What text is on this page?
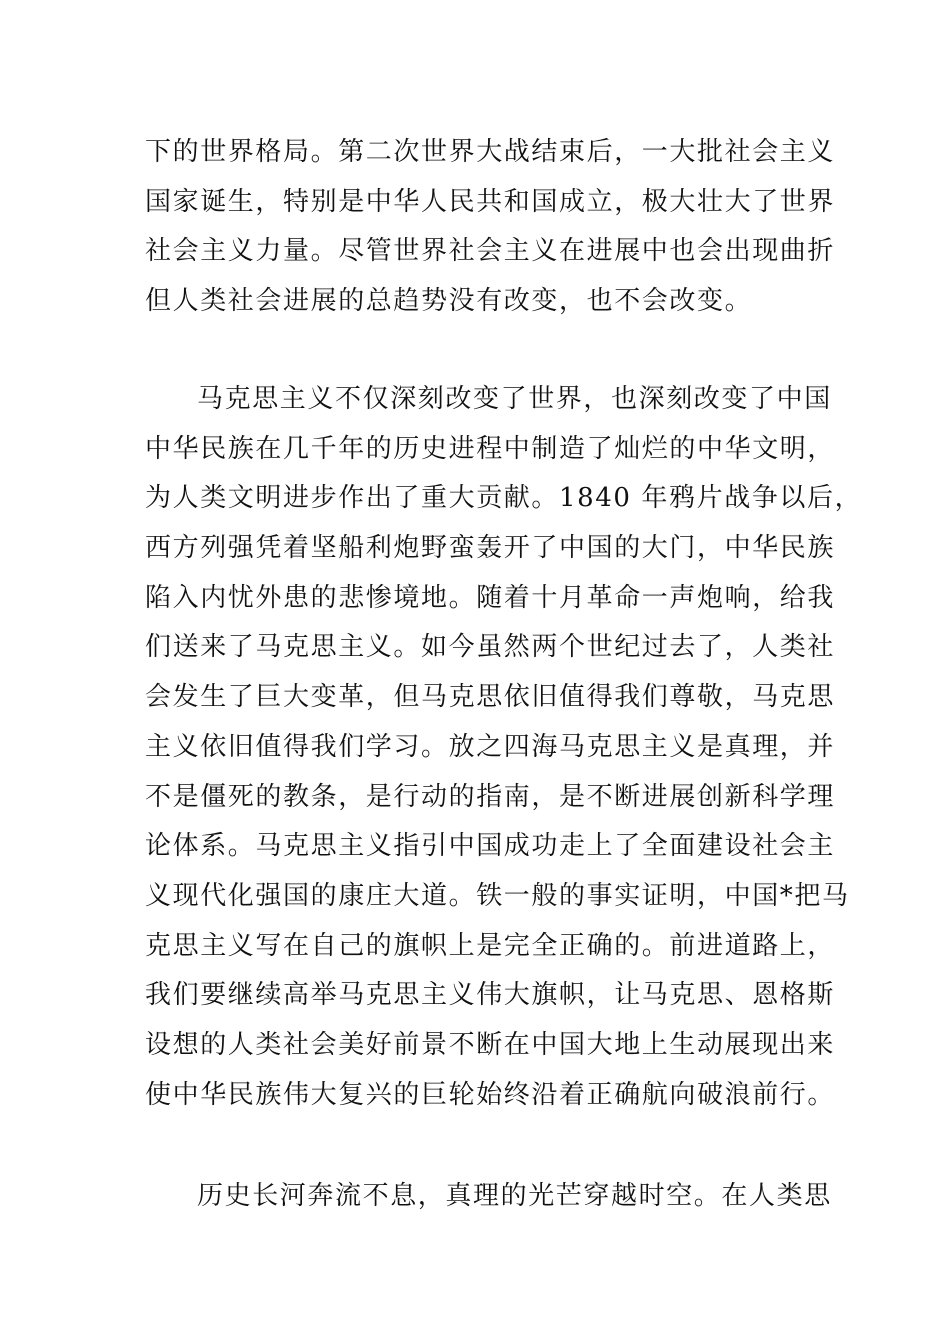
下的世界格局。第二次世界大战结束后，一大批社会主义
国家诞生，特别是中华人民共和国成立，极大壮大了世界
社会主义力量。尽管世界社会主义在进展中也会出现曲折
但人类社会进展的总趋势没有改变，也不会改变。
马克思主义不仅深刻改变了世界，也深刻改变了中国
中华民族在几千年的历史进程中制造了灿烂的中华文明，
为人类文明进步作出了重大贡献。1840 年鸦片战争以后，
西方列强凭着坚船利炮野蛮轰开了中国的大门，中华民族
陷入内忧外患的悲惨境地。随着十月革命一声炮响，给我
们送来了马克思主义。如今虽然两个世纪过去了，人类社
会发生了巨大变革，但马克思依旧值得我们尊敬，马克思
主义依旧值得我们学习。放之四海马克思主义是真理，并
不是僵死的教条，是行动的指南，是不断进展创新科学理
论体系。马克思主义指引中国成功走上了全面建设社会主
义现代化强国的康庄大道。铁一般的事实证明，中国*把马
克思主义写在自己的旗帜上是完全正确的。前进道路上，
我们要继续高举马克思主义伟大旗帜，让马克思、恩格斯
设想的人类社会美好前景不断在中国大地上生动展现出来
使中华民族伟大复兴的巨轮始终沿着正确航向破浪前行。
历史长河奔流不息，真理的光芒穿越时空。在人类思
